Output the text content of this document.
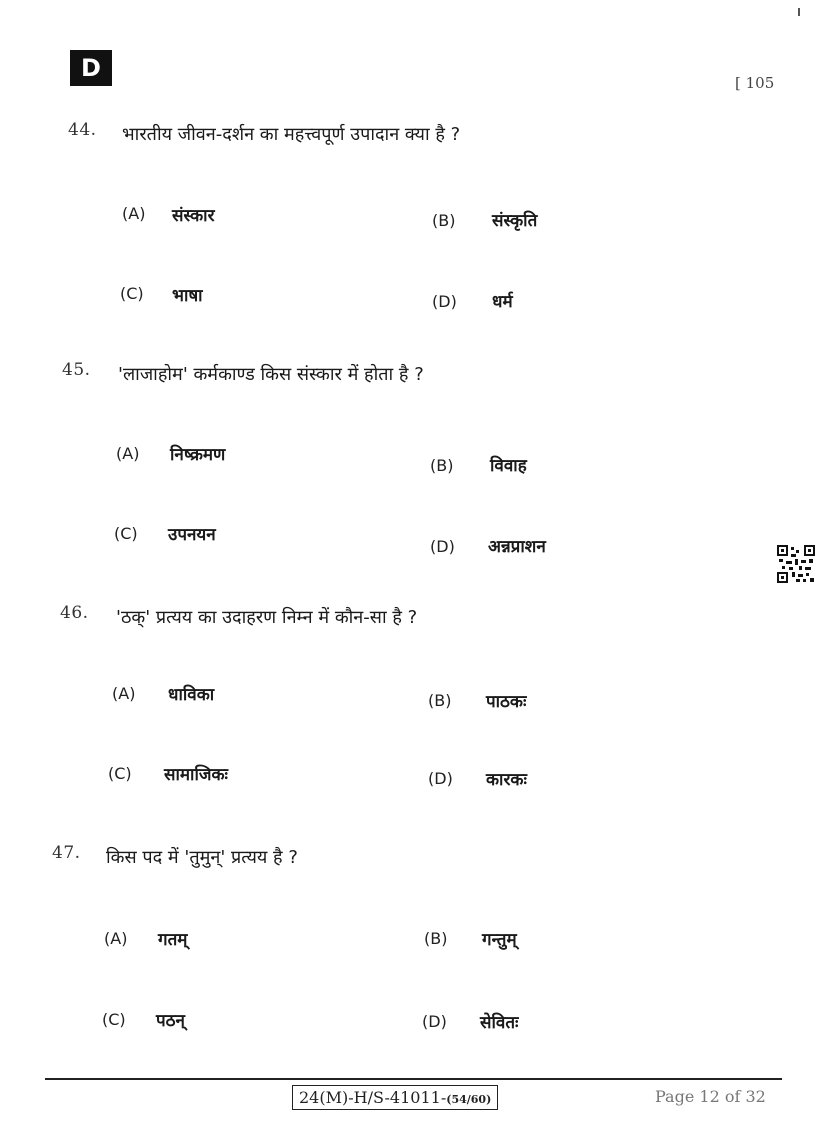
D
[ 105
44. भारतीय जीवन-दर्शन का महत्त्वपूर्ण उपादान क्या है ?
(A) संस्कार	(B) संस्कृति
(C) भाषा	(D) धर्म
45. 'लाजाहोम' कर्मकाण्ड किस संस्कार में होता है ?
(A) निष्क्रमण
(B) विवाह
(C) उपनयन
(D) अन्नप्राशन
46. 'ठक्' प्रत्यय का उदाहरण निम्न में कौन-सा है ?
(A) धाविका	(B) पाठकः
(C) सामाजिकः	(D) कारकः
47. किस पद में 'तुमुन्' प्रत्यय है ?
(A) गतम्	(B) गन्तुम्
(C) पठन्	(D) सेवितः
24(M)-H/S-41011-(54/60)	Page 12 of 32
